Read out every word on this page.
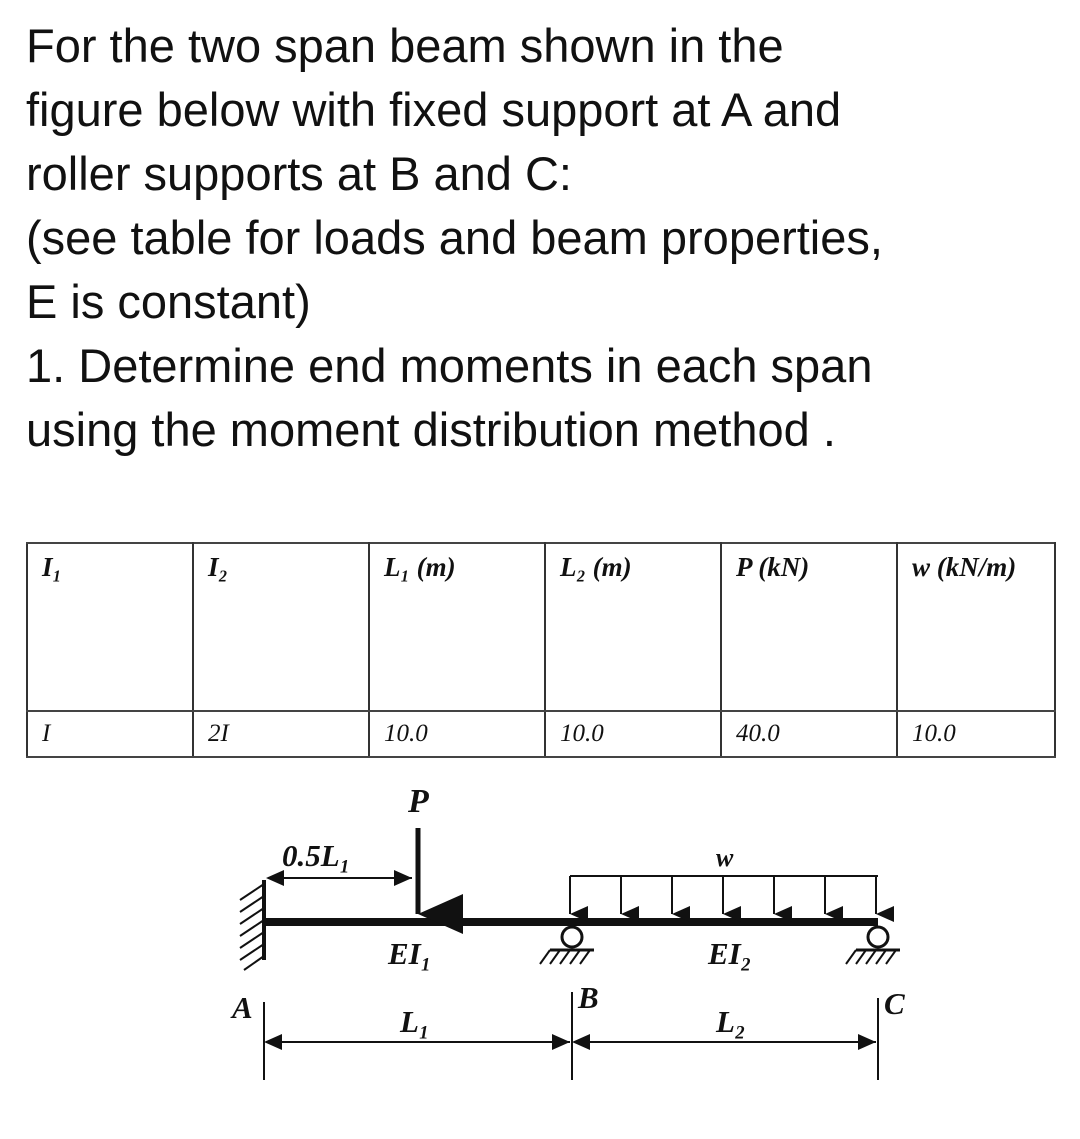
For the two span beam shown in the
figure below with fixed support at A and
roller supports at B and C:
(see table for loads and beam properties,
E is constant)
1. Determine end moments in each span
using the moment distribution method .
I₁	I₂	L₁ (m)	L₂ (m)	P (kN)	w (kN/m)
I	2I	10.0	10.0	40.0	10.0
P
0.5L₁	w
EI₁	EI₂
A	B	C
L₁	L₂
